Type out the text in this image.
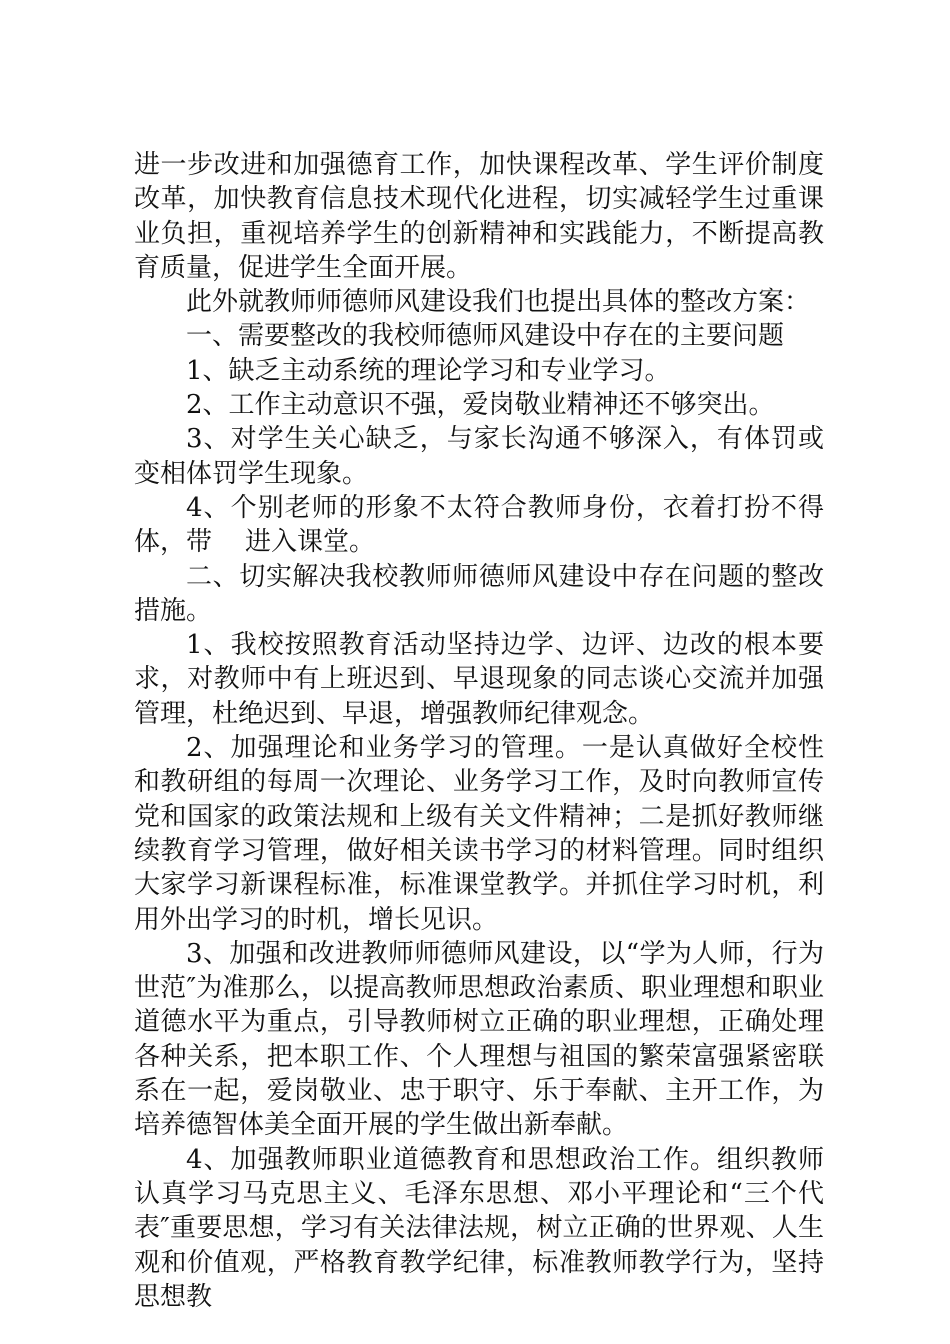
进一步改进和加强德育工作，加快课程改革、学生评价制度改革，加快教育信息技术现代化进程，切实减轻学生过重课业负担，重视培养学生的创新精神和实践能力，不断提高教育质量，促进学生全面开展。

此外就教师师德师风建设我们也提出具体的整改方案：

一、需要整改的我校师德师风建设中存在的主要问题

1、缺乏主动系统的理论学习和专业学习。

2、工作主动意识不强，爱岗敬业精神还不够突出。

3、对学生关心缺乏，与家长沟通不够深入，有体罚或变相体罚学生现象。

4、个别老师的形象不太符合教师身份，衣着打扮不得体，带    进入课堂。

二、切实解决我校教师师德师风建设中存在问题的整改措施。

1、我校按照教育活动坚持边学、边评、边改的根本要求，对教师中有上班迟到、早退现象的同志谈心交流并加强管理，杜绝迟到、早退，增强教师纪律观念。

2、加强理论和业务学习的管理。一是认真做好全校性和教研组的每周一次理论、业务学习工作，及时向教师宣传党和国家的政策法规和上级有关文件精神；二是抓好教师继续教育学习管理，做好相关读书学习的材料管理。同时组织大家学习新课程标准，标准课堂教学。并抓住学习时机，利用外出学习的时机，增长见识。

3、加强和改进教师师德师风建设，以“学为人师，行为世范″为准那么，以提高教师思想政治素质、职业理想和职业道德水平为重点，引导教师树立正确的职业理想，正确处理各种关系，把本职工作、个人理想与祖国的繁荣富强紧密联系在一起，爱岗敬业、忠于职守、乐于奉献、主开工作，为培养德智体美全面开展的学生做出新奉献。

4、加强教师职业道德教育和思想政治工作。组织教师认真学习马克思主义、毛泽东思想、邓小平理论和“三个代表″重要思想，学习有关法律法规，树立正确的世界观、人生观和价值观，严格教育教学纪律，标准教师教学行为，坚持思想教
